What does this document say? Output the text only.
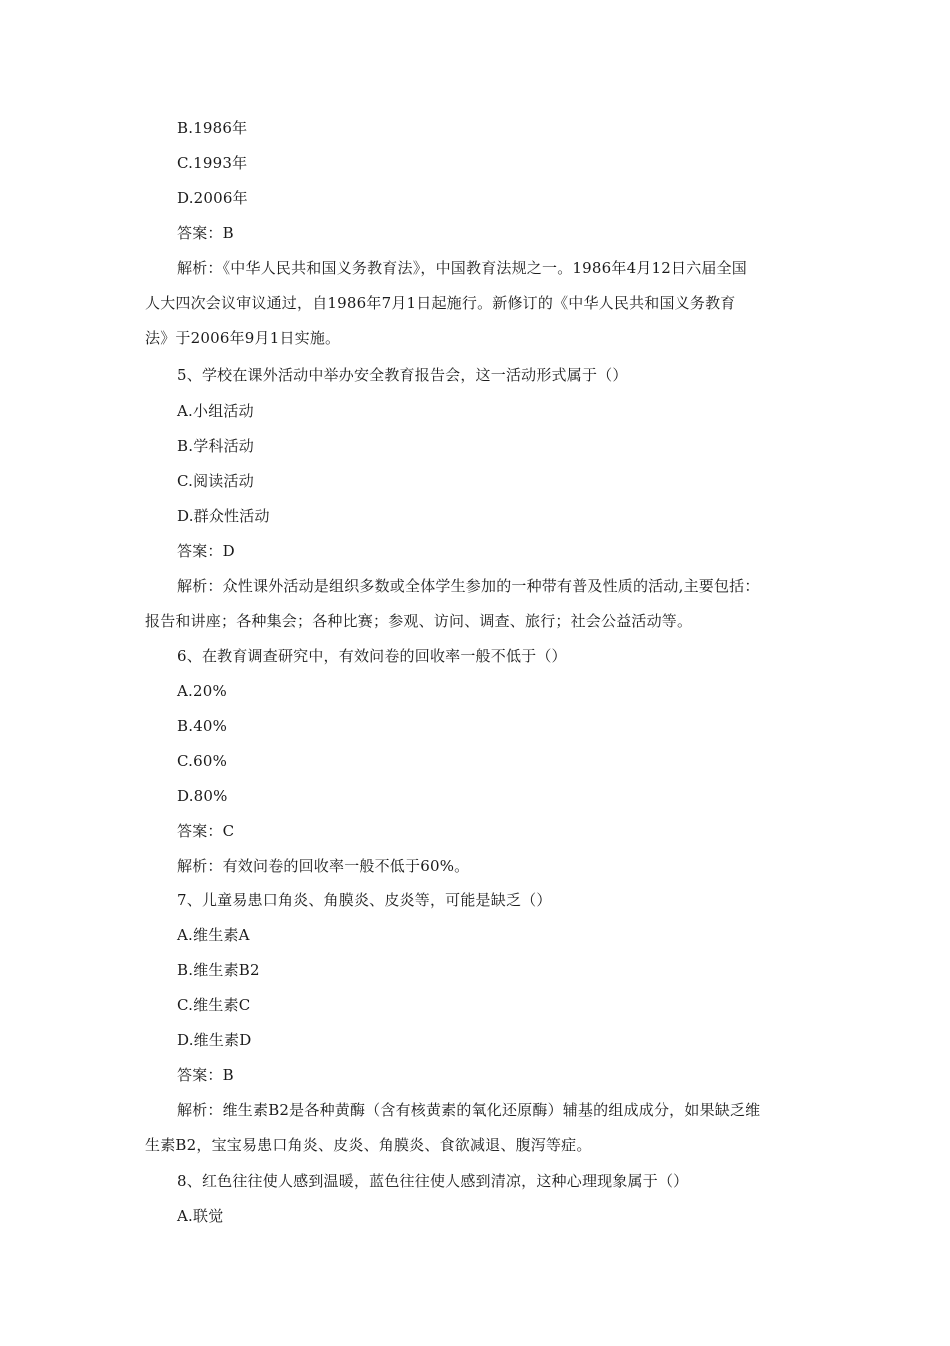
B.1986年
C.1993年
D.2006年
答案：B
解析：《中华人民共和国义务教育法》，中国教育法规之一。1986年4月12日六届全国
人大四次会议审议通过，自1986年7月1日起施行。新修订的《中华人民共和国义务教育
法》于2006年9月1日实施。
5、学校在课外活动中举办安全教育报告会，这一活动形式属于（）
A.小组活动
B.学科活动
C.阅读活动
D.群众性活动
答案：D
解析：众性课外活动是组织多数或全体学生参加的一种带有普及性质的活动,主要包括：
报告和讲座；各种集会；各种比赛；参观、访问、调查、旅行；社会公益活动等。
6、在教育调查研究中，有效问卷的回收率一般不低于（）
A.20%
B.40%
C.60%
D.80%
答案：C
解析：有效问卷的回收率一般不低于60%。
7、儿童易患口角炎、角膜炎、皮炎等，可能是缺乏（）
A.维生素A
B.维生素B2
C.维生素C
D.维生素D
答案：B
解析：维生素B2是各种黄酶（含有核黄素的氧化还原酶）辅基的组成成分，如果缺乏维
生素B2，宝宝易患口角炎、皮炎、角膜炎、食欲减退、腹泻等症。
8、红色往往使人感到温暖，蓝色往往使人感到清凉，这种心理现象属于（）
A.联觉
